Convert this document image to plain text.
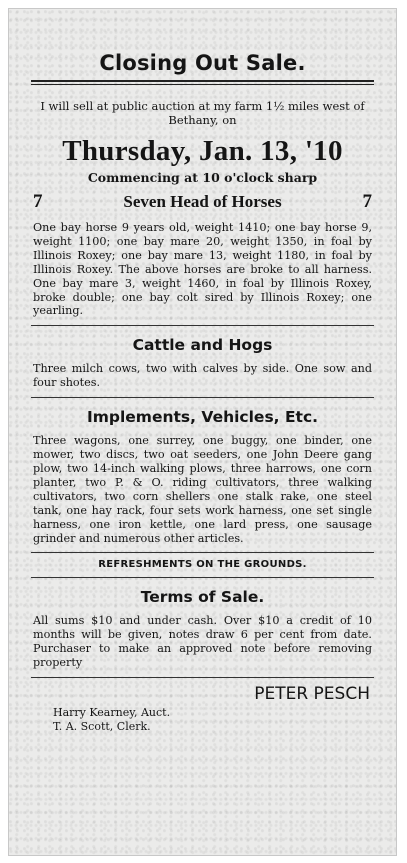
Closing Out Sale.
I will sell at public auction at my farm 1½ miles west of Bethany, on
Thursday, Jan. 13, '10
Commencing at 10 o'clock sharp
7	Seven Head of Horses	7
One bay horse 9 years old, weight 1410; one bay horse 9, weight 1100; one bay mare 20, weight 1350, in foal by Illinois Roxey; one bay mare 13, weight 1180, in foal by Illinois Roxey. The above horses are broke to all harness. One bay mare 3, weight 1460, in foal by Illinois Roxey, broke double; one bay colt sired by Illinois Roxey; one yearling.
Cattle and Hogs
Three milch cows, two with calves by side. One sow and four shotes.
Implements, Vehicles, Etc.
Three wagons, one surrey, one buggy, one binder, one mower, two discs, two oat seeders, one John Deere gang plow, two 14-inch walking plows, three harrows, one corn planter, two P. & O. riding cultivators, three walking cultivators, two corn shellers one stalk rake, one steel tank, one hay rack, four sets work harness, one set single harness, one iron kettle, one lard press, one sausage grinder and numerous other articles.
REFRESHMENTS ON THE GROUNDS.
Terms of Sale.
All sums $10 and under cash. Over $10 a credit of 10 months will be given, notes draw 6 per cent from date. Purchaser to make an approved note before removing property
PETER PESCH
Harry Kearney, Auct.
T. A. Scott, Clerk.
